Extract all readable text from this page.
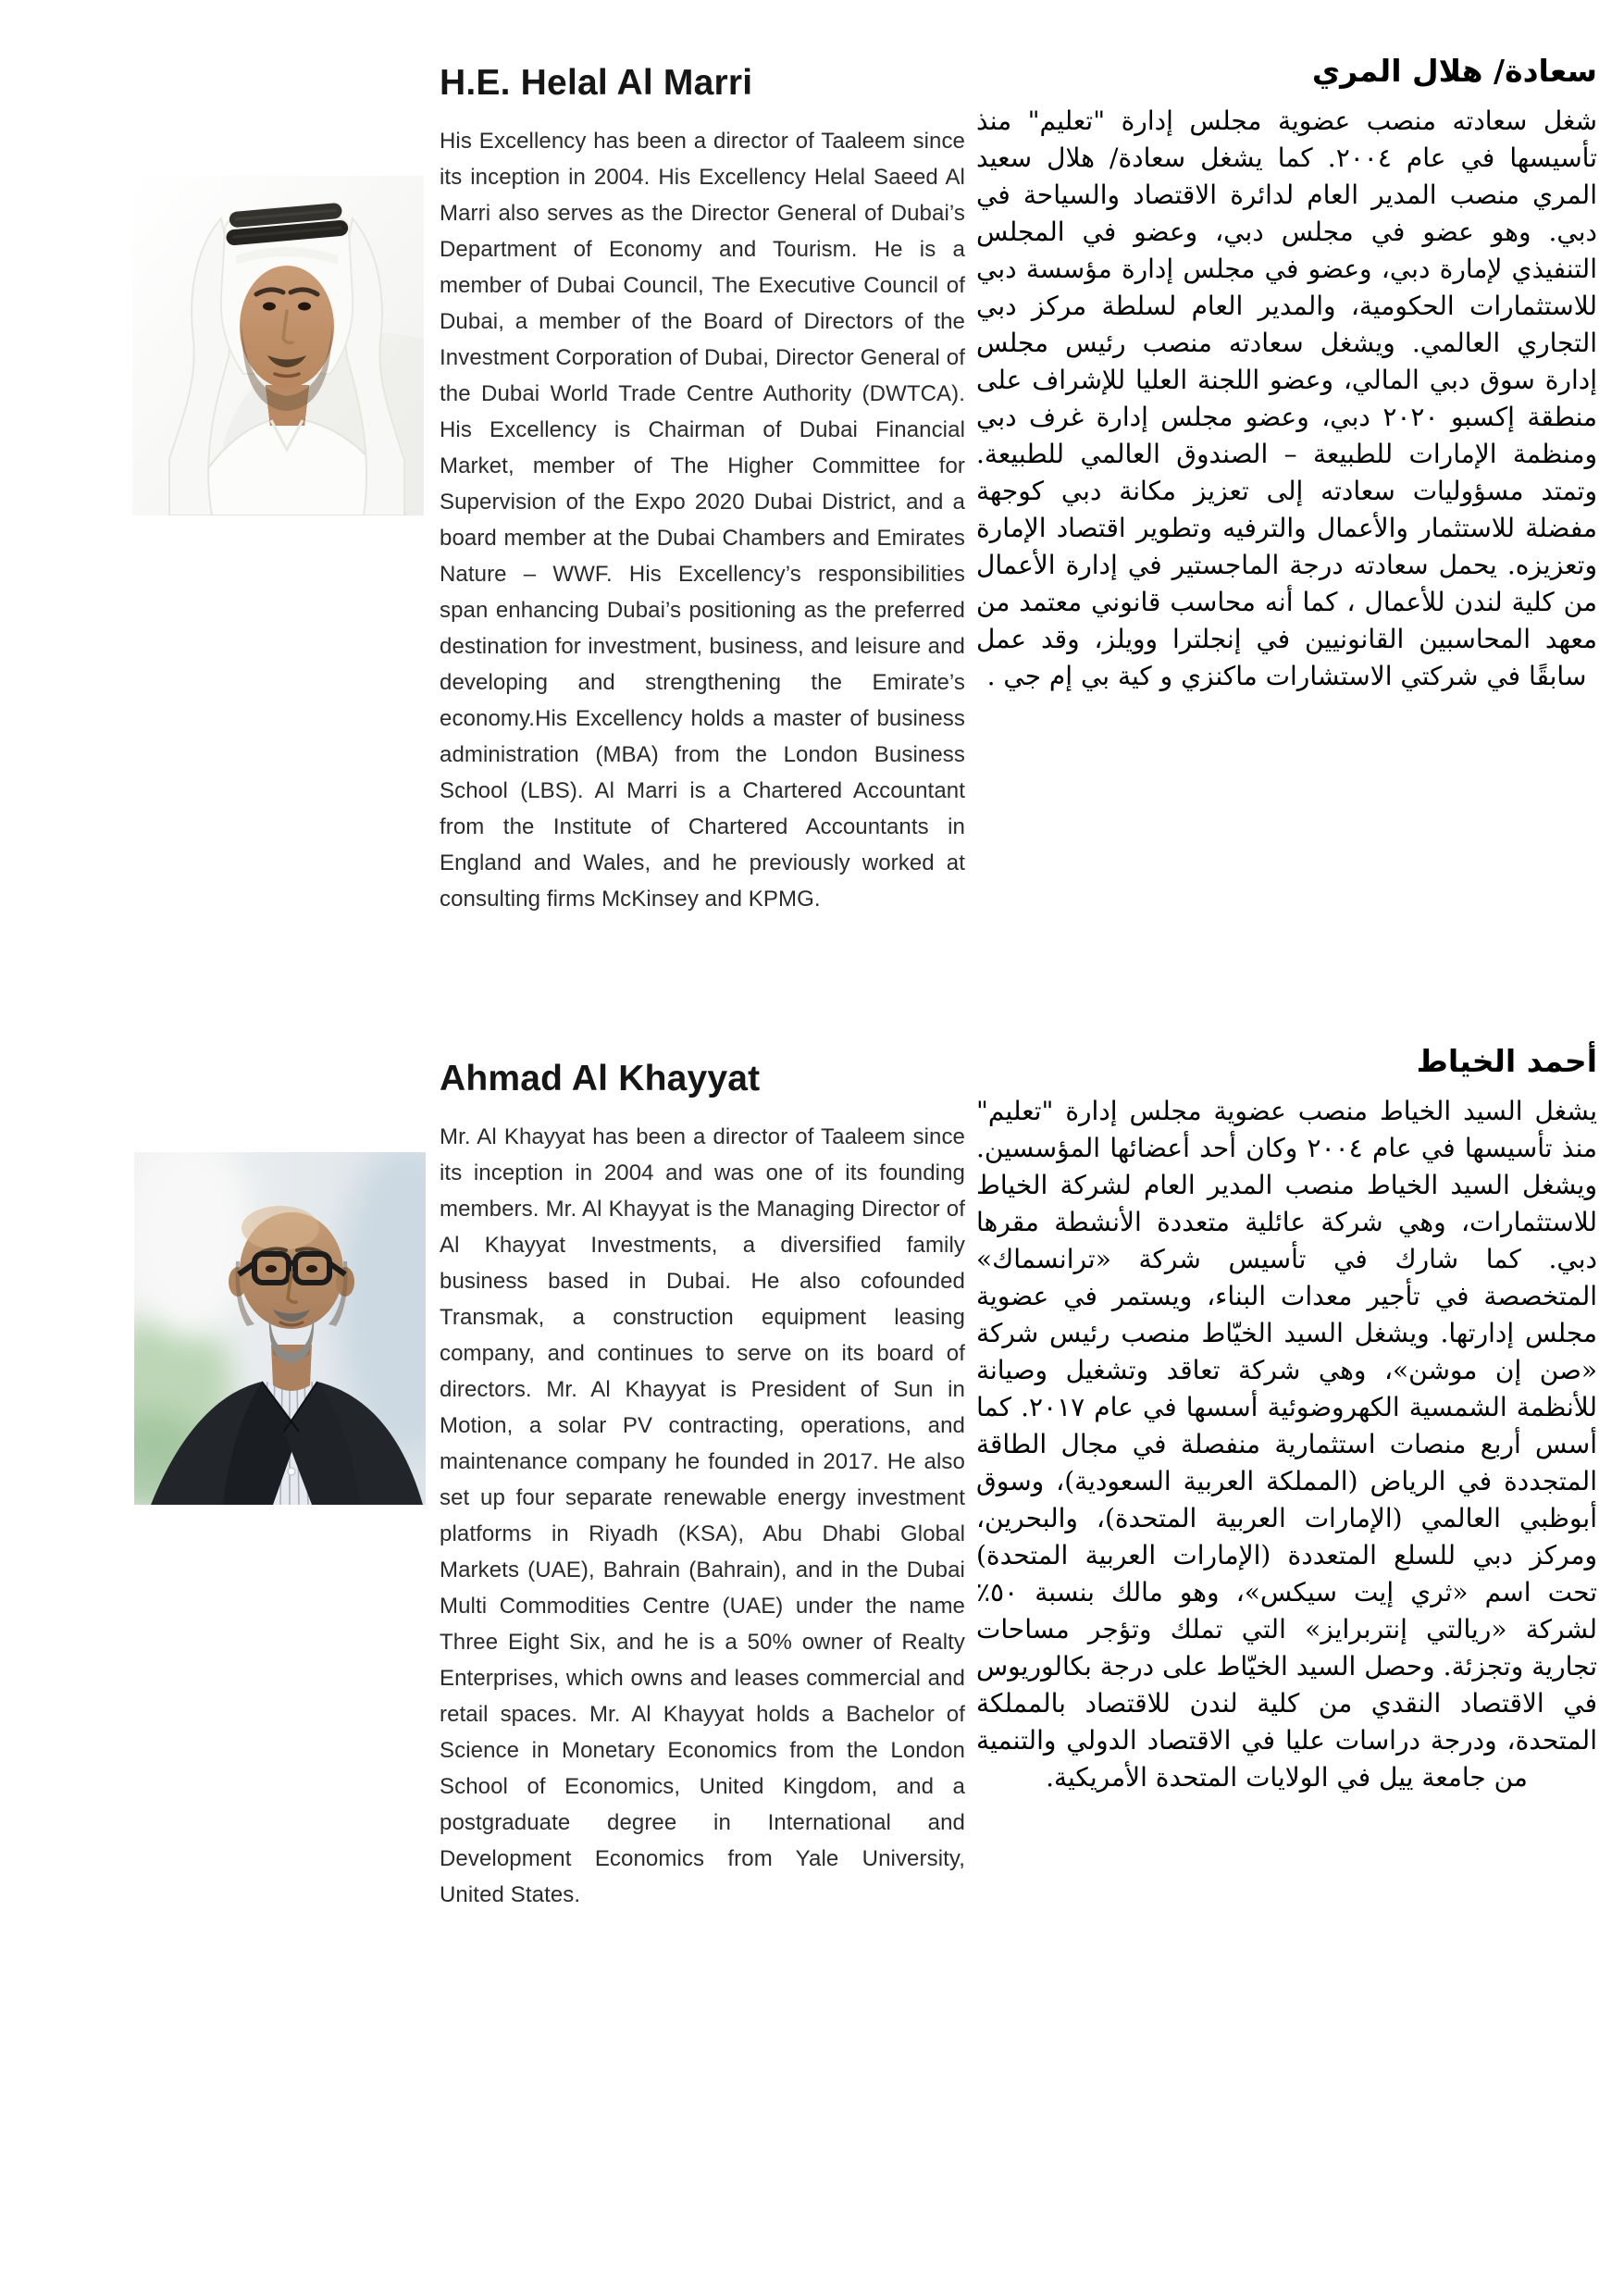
H.E. Helal Al Marri

His Excellency has been a director of Taaleem since its inception in 2004. His Excellency Helal Saeed Al Marri also serves as the Director General of Dubai’s Department of Economy and Tourism. He is a member of Dubai Council, The Executive Council of Dubai, a member of the Board of Directors of the Investment Corporation of Dubai, Director General of the Dubai World Trade Centre Authority (DWTCA). His Excellency is Chairman of Dubai Financial Market, member of The Higher Committee for Supervision of the Expo 2020 Dubai District, and a board member at the Dubai Chambers and Emirates Nature – WWF. His Excellency’s responsibilities span enhancing Dubai’s positioning as the preferred destination for investment, business, and leisure and developing and strengthening the Emirate’s economy.His Excellency holds a master of business administration (MBA) from the London Business School (LBS). Al Marri is a Chartered Accountant from the Institute of Chartered Accountants in England and Wales, and he previously worked at consulting firms McKinsey and KPMG.

سعادة/ هلال المري

شغل سعادته منصب عضوية مجلس إدارة "تعليم" منذ تأسيسها في عام ٢٠٠٤. كما يشغل سعادة/ هلال سعيد المري منصب المدير العام لدائرة الاقتصاد والسياحة في دبي. وهو عضو في مجلس دبي، وعضو في المجلس التنفيذي لإمارة دبي، وعضو في مجلس إدارة مؤسسة دبي للاستثمارات الحكومية، والمدير العام لسلطة مركز دبي التجاري العالمي. ويشغل سعادته منصب رئيس مجلس إدارة سوق دبي المالي، وعضو اللجنة العليا للإشراف على منطقة إكسبو ٢٠٢٠ دبي، وعضو مجلس إدارة غرف دبي ومنظمة الإمارات للطبيعة – الصندوق العالمي للطبيعة. وتمتد مسؤوليات سعادته إلى تعزيز مكانة دبي كوجهة مفضلة للاستثمار والأعمال والترفيه وتطوير اقتصاد الإمارة وتعزيزه. يحمل سعادته درجة الماجستير في إدارة الأعمال من كلية لندن للأعمال ، كما أنه محاسب قانوني معتمد من معهد المحاسبين القانونيين في إنجلترا وويلز، وقد عمل سابقًا في شركتي الاستشارات ماكنزي و كية بي إم جي .

Ahmad Al Khayyat

Mr. Al Khayyat has been a director of Taaleem since its inception in 2004 and was one of its founding members. Mr. Al Khayyat is the Managing Director of Al Khayyat Investments, a diversified family business based in Dubai. He also cofounded Transmak, a construction equipment leasing company, and continues to serve on its board of directors. Mr. Al Khayyat is President of Sun in Motion, a solar PV contracting, operations, and maintenance company he founded in 2017. He also set up four separate renewable energy investment platforms in Riyadh (KSA), Abu Dhabi Global Markets (UAE), Bahrain (Bahrain), and in the Dubai Multi Commodities Centre (UAE) under the name Three Eight Six, and he is a 50% owner of Realty Enterprises, which owns and leases commercial and retail spaces. Mr. Al Khayyat holds a Bachelor of Science in Monetary Economics from the London School of Economics, United Kingdom, and a postgraduate degree in International and Development Economics from Yale University, United States.

أحمد الخياط

يشغل السيد الخياط منصب عضوية مجلس إدارة "تعليم" منذ تأسيسها في عام ٢٠٠٤ وكان أحد أعضائها المؤسسين. ويشغل السيد الخياط منصب المدير العام لشركة الخياط للاستثمارات، وهي شركة عائلية متعددة الأنشطة مقرها دبي. كما شارك في تأسيس شركة «ترانسماك» المتخصصة في تأجير معدات البناء، ويستمر في عضوية مجلس إدارتها. ويشغل السيد الخيّاط منصب رئيس شركة «صن إن موشن»، وهي شركة تعاقد وتشغيل وصيانة للأنظمة الشمسية الكهروضوئية أسسها في عام ٢٠١٧. كما أسس أربع منصات استثمارية منفصلة في مجال الطاقة المتجددة في الرياض (المملكة العربية السعودية)، وسوق أبوظبي العالمي (الإمارات العربية المتحدة)، والبحرين، ومركز دبي للسلع المتعددة (الإمارات العربية المتحدة) تحت اسم «ثري إيت سيكس»، وهو مالك بنسبة ٥٠٪ لشركة «ريالتي إنتربرايز» التي تملك وتؤجر مساحات تجارية وتجزئة. وحصل السيد الخيّاط على درجة بكالوريوس في الاقتصاد النقدي من كلية لندن للاقتصاد بالمملكة المتحدة، ودرجة دراسات عليا في الاقتصاد الدولي والتنمية من جامعة ييل في الولايات المتحدة الأمريكية.
